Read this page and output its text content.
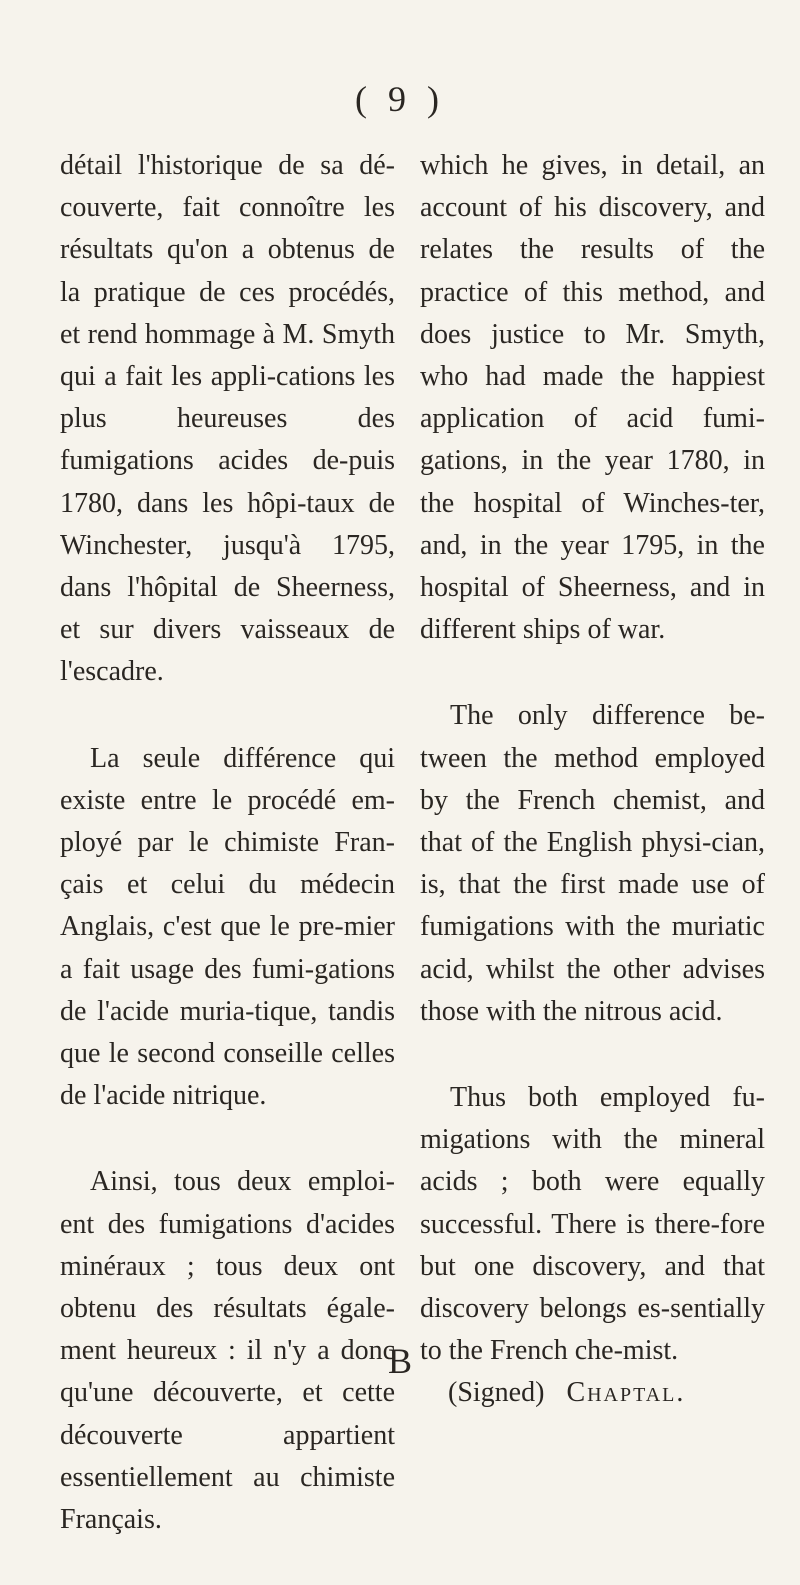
( 9 )

détail l'historique de sa dé-couverte, fait connoître les résultats qu'on a obtenus de la pratique de ces procédés, et rend hommage à M. Smyth qui a fait les appli-cations les plus heureuses des fumigations acides de-puis 1780, dans les hôpi-taux de Winchester, jusqu'à 1795, dans l'hôpital de Sheerness, et sur divers vaisseaux de l'escadre.

La seule différence qui existe entre le procédé em-ployé par le chimiste Fran-çais et celui du médecin Anglais, c'est que le pre-mier a fait usage des fumi-gations de l'acide muria-tique, tandis que le second conseille celles de l'acide nitrique.

Ainsi, tous deux emploi-ent des fumigations d'acides minéraux ; tous deux ont obtenu des résultats égale-ment heureux : il n'y a donc qu'une découverte, et cette découverte appartient essentiellement au chimiste Français.

which he gives, in detail, an account of his discovery, and relates the results of the practice of this method, and does justice to Mr. Smyth, who had made the happiest application of acid fumi-gations, in the year 1780, in the hospital of Winches-ter, and, in the year 1795, in the hospital of Sheerness, and in different ships of war.

The only difference be-tween the method employed by the French chemist, and that of the English physi-cian, is, that the first made use of fumigations with the muriatic acid, whilst the other advises those with the nitrous acid.

Thus both employed fu-migations with the mineral acids ; both were equally successful. There is there-fore but one discovery, and that discovery belongs es-sentially to the French che-mist.

(Signed) Chaptal.

B
